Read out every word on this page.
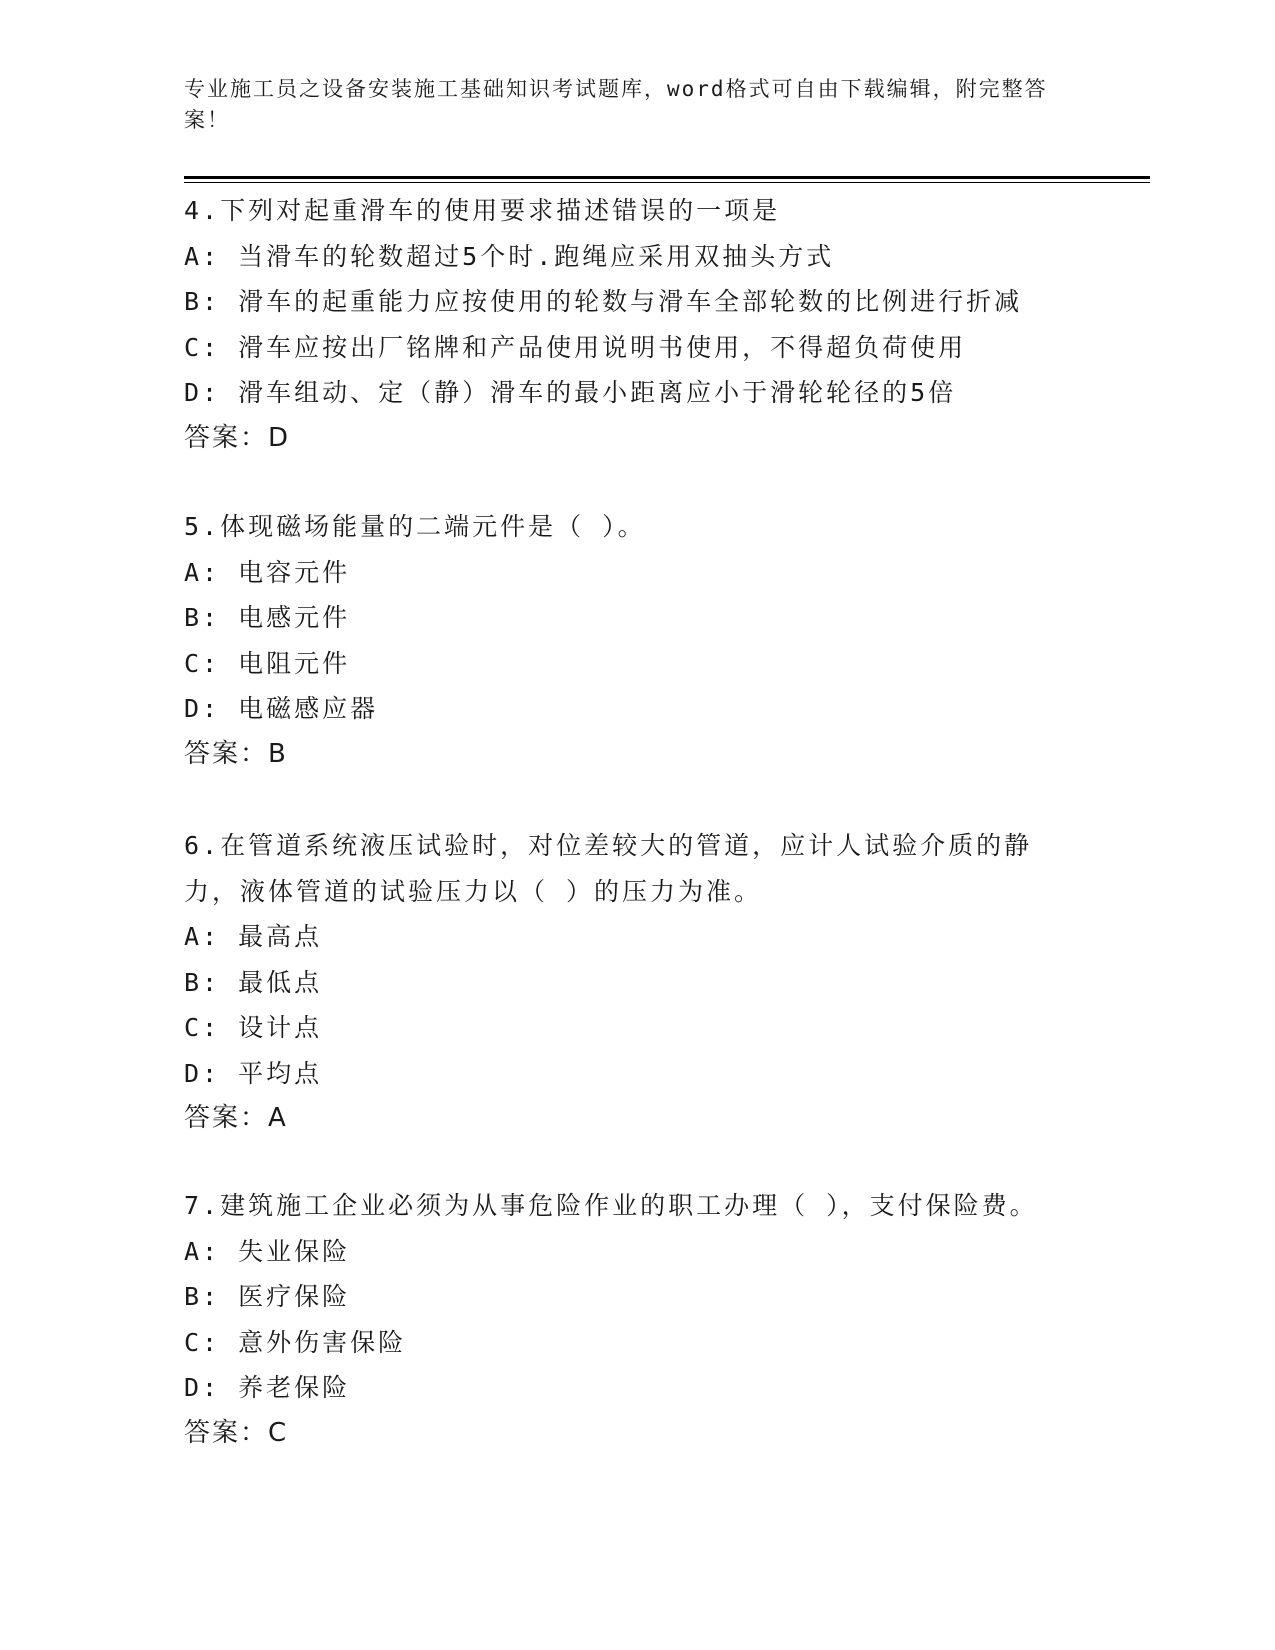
专业施工员之设备安装施工基础知识考试题库，word格式可自由下载编辑，附完整答案！

4.下列对起重滑车的使用要求描述错误的一项是

A: 当滑车的轮数超过5个时.跑绳应采用双抽头方式

B: 滑车的起重能力应按使用的轮数与滑车全部轮数的比例进行折减

C: 滑车应按出厂铭牌和产品使用说明书使用，不得超负荷使用

D: 滑车组动、定（静）滑车的最小距离应小于滑轮轮径的5倍

答案：D

5.体现磁场能量的二端元件是（ ）。

A: 电容元件

B: 电感元件

C: 电阻元件

D: 电磁感应器

答案：B

6.在管道系统液压试验时，对位差较大的管道，应计人试验介质的静力，液体管道的试验压力以（ ）的压力为准。

A: 最高点

B: 最低点

C: 设计点

D: 平均点

答案：A

7.建筑施工企业必须为从事危险作业的职工办理（ ），支付保险费。

A: 失业保险

B: 医疗保险

C: 意外伤害保险

D: 养老保险

答案：C
